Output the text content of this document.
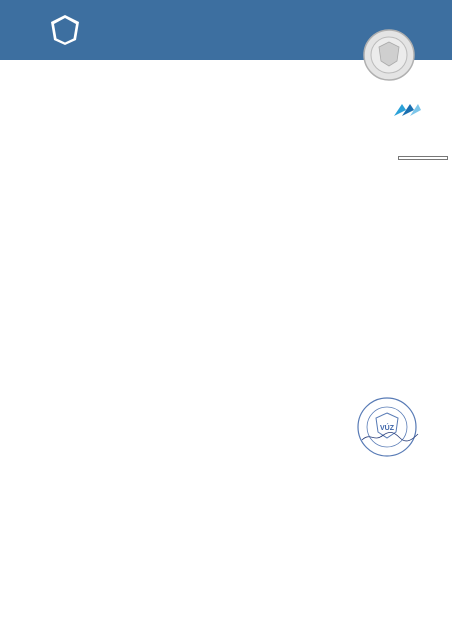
VÚZ
